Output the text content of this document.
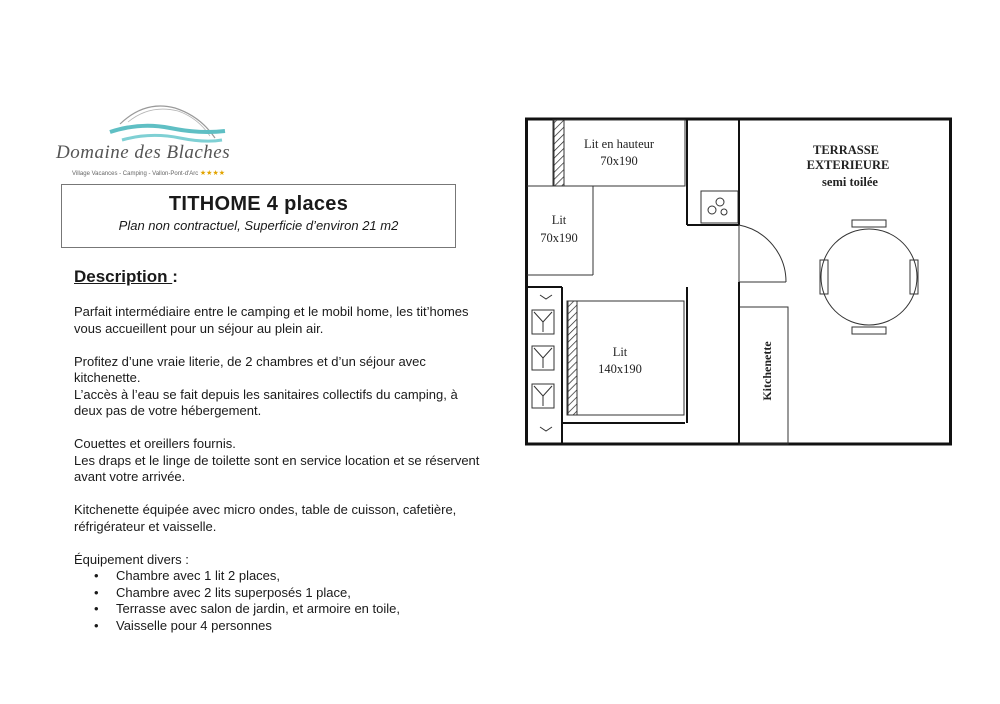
Domaine des Blaches
Village Vacances - Camping - Vallon-Pont-d'Arc ★★★★
TITHOME 4 places
Plan non contractuel, Superficie d’environ 21 m2
Description :

Parfait intermédiaire entre le camping et le mobil home, les tit’homes vous accueillent pour un séjour au plein air.

Profitez d’une vraie literie, de 2 chambres et d’un séjour avec kitchenette.
L’accès à l’eau se fait depuis les sanitaires collectifs du camping, à deux pas de votre hébergement.

Couettes et oreillers fournis.
Les draps et le linge de toilette sont en service location et se réservent avant votre arrivée.

Kitchenette équipée avec micro ondes, table de cuisson, cafetière, réfrigérateur et vaisselle.

Équipement divers :
• Chambre avec 1 lit 2 places,
• Chambre avec 2 lits superposés 1 place,
• Terrasse avec salon de jardin, et armoire en toile,
• Vaisselle pour 4 personnes
Lit en hauteur
70x190
Lit
70x190
Lit
140x190	Kitchenette
TERRASSE
EXTERIEURE
semi toilée
